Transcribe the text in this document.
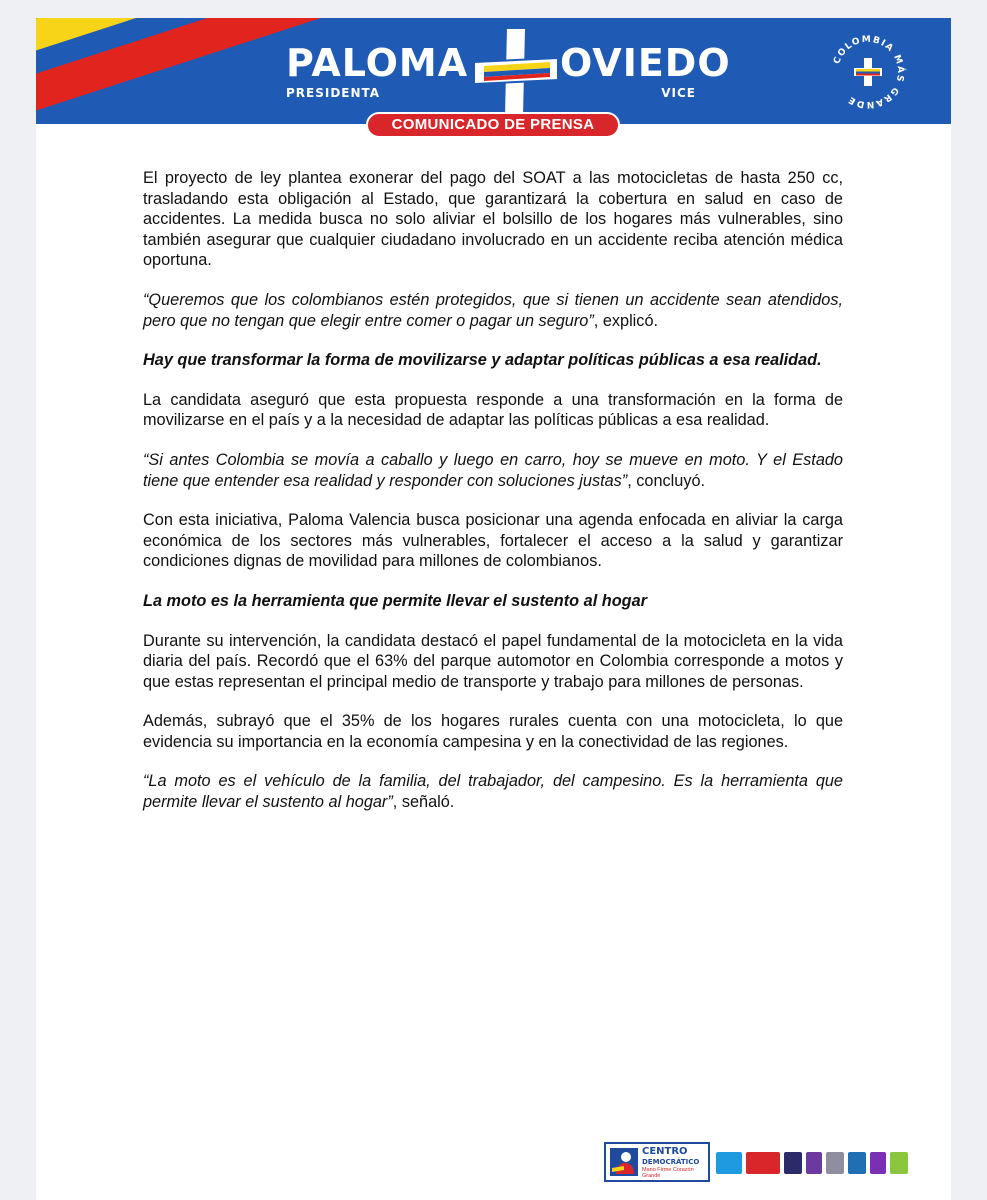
PALOMA
PRESIDENTA
OVIEDO
VICE
COLOMBIA MÁS GRANDE
COMUNICADO DE PRENSA

El proyecto de ley plantea exonerar del pago del SOAT a las motocicletas de hasta 250 cc, trasladando esta obligación al Estado, que garantizará la cobertura en salud en caso de accidentes. La medida busca no solo aliviar el bolsillo de los hogares más vulnerables, sino también asegurar que cualquier ciudadano involucrado en un accidente reciba atención médica oportuna.

“Queremos que los colombianos estén protegidos, que si tienen un accidente sean atendidos, pero que no tengan que elegir entre comer o pagar un seguro”, explicó.

Hay que transformar la forma de movilizarse y adaptar políticas públicas a esa realidad.

La candidata aseguró que esta propuesta responde a una transformación en la forma de movilizarse en el país y a la necesidad de adaptar las políticas públicas a esa realidad.

“Si antes Colombia se movía a caballo y luego en carro, hoy se mueve en moto. Y el Estado tiene que entender esa realidad y responder con soluciones justas”, concluyó.

Con esta iniciativa, Paloma Valencia busca posicionar una agenda enfocada en aliviar la carga económica de los sectores más vulnerables, fortalecer el acceso a la salud y garantizar condiciones dignas de movilidad para millones de colombianos.

La moto es la herramienta que permite llevar el sustento al hogar

Durante su intervención, la candidata destacó el papel fundamental de la motocicleta en la vida diaria del país. Recordó que el 63% del parque automotor en Colombia corresponde a motos y que estas representan el principal medio de transporte y trabajo para millones de personas.

Además, subrayó que el 35% de los hogares rurales cuenta con una motocicleta, lo que evidencia su importancia en la economía campesina y en la conectividad de las regiones.

“La moto es el vehículo de la familia, del trabajador, del campesino. Es la herramienta que permite llevar el sustento al hogar”, señaló.

CENTRO
DEMOCRÁTICO
Mano Firme Corazón Grande
